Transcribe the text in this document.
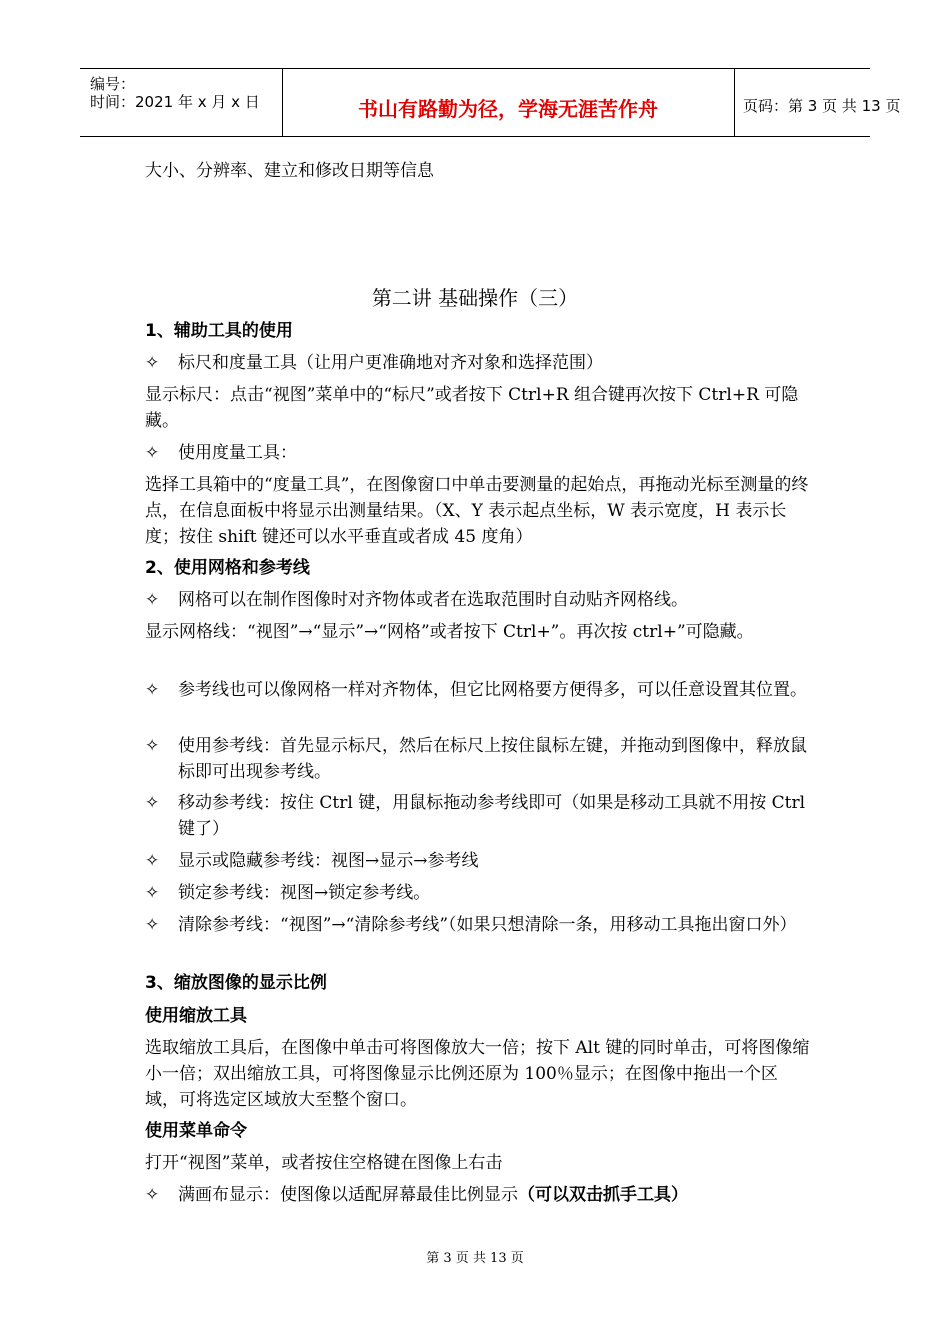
编号：
时间：2021 年 x 月 x 日	书山有路勤为径，学海无涯苦作舟	页码：第 3 页 共 13 页
大小、分辨率、建立和修改日期等信息
第二讲 基础操作（三）
1、辅助工具的使用
✧	标尺和度量工具（让用户更准确地对齐对象和选择范围）
显示标尺：点击“视图”菜单中的“标尺”或者按下 Ctrl+R 组合键再次按下 Ctrl+R 可隐藏。
✧	使用度量工具：
选择工具箱中的“度量工具”，在图像窗口中单击要测量的起始点，再拖动光标至测量的终点，在信息面板中将显示出测量结果。（X、Y 表示起点坐标，W 表示宽度，H 表示长度；按住 shift 键还可以水平垂直或者成 45 度角）
2、使用网格和参考线
✧	网格可以在制作图像时对齐物体或者在选取范围时自动贴齐网格线。
显示网格线：“视图”→“显示”→“网格”或者按下 Ctrl+”。再次按 ctrl+”可隐藏。
✧	参考线也可以像网格一样对齐物体，但它比网格要方便得多，可以任意设置其位置。
✧	使用参考线：首先显示标尺，然后在标尺上按住鼠标左键，并拖动到图像中，释放鼠标即可出现参考线。
✧	移动参考线：按住 Ctrl 键，用鼠标拖动参考线即可（如果是移动工具就不用按 Ctrl 键了）
✧	显示或隐藏参考线：视图→显示→参考线
✧	锁定参考线：视图→锁定参考线。
✧	清除参考线：“视图”→“清除参考线”（如果只想清除一条，用移动工具拖出窗口外）
3、缩放图像的显示比例
使用缩放工具
选取缩放工具后，在图像中单击可将图像放大一倍；按下 Alt 键的同时单击，可将图像缩小一倍；双出缩放工具，可将图像显示比例还原为 100％显示；在图像中拖出一个区域，可将选定区域放大至整个窗口。
使用菜单命令
打开“视图”菜单，或者按住空格键在图像上右击
✧	满画布显示：使图像以适配屏幕最佳比例显示（可以双击抓手工具）
第 3 页 共 13 页
